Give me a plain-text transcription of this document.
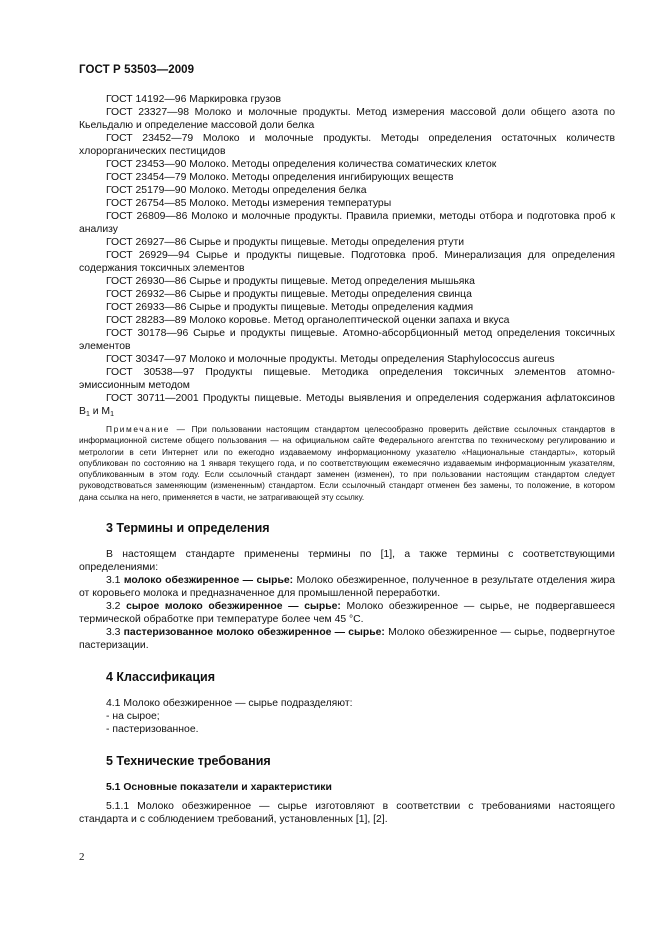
ГОСТ Р 53503—2009
ГОСТ 14192—96 Маркировка грузов
ГОСТ 23327—98 Молоко и молочные продукты. Метод измерения массовой доли общего азота по Кьельдалю и определение массовой доли белка
ГОСТ 23452—79 Молоко и молочные продукты. Методы определения остаточных количеств хлорорганических пестицидов
ГОСТ 23453—90 Молоко. Методы определения количества соматических клеток
ГОСТ 23454—79 Молоко. Методы определения ингибирующих веществ
ГОСТ 25179—90 Молоко. Методы определения белка
ГОСТ 26754—85 Молоко. Методы измерения температуры
ГОСТ 26809—86 Молоко и молочные продукты. Правила приемки, методы отбора и подготовка проб к анализу
ГОСТ 26927—86 Сырье и продукты пищевые. Методы определения ртути
ГОСТ 26929—94 Сырье и продукты пищевые. Подготовка проб. Минерализация для определения содержания токсичных элементов
ГОСТ 26930—86 Сырье и продукты пищевые. Метод определения мышьяка
ГОСТ 26932—86 Сырье и продукты пищевые. Методы определения свинца
ГОСТ 26933—86 Сырье и продукты пищевые. Методы определения кадмия
ГОСТ 28283—89 Молоко коровье. Метод органолептической оценки запаха и вкуса
ГОСТ 30178—96 Сырье и продукты пищевые. Атомно-абсорбционный метод определения токсичных элементов
ГОСТ 30347—97 Молоко и молочные продукты. Методы определения Staphylococcus aureus
ГОСТ 30538—97 Продукты пищевые. Методика определения токсичных элементов атомно-эмиссионным методом
ГОСТ 30711—2001 Продукты пищевые. Методы выявления и определения содержания афлатоксинов $B_1$ и $M_1$
Примечание — При пользовании настоящим стандартом целесообразно проверить действие ссылочных стандартов в информационной системе общего пользования — на официальном сайте Федерального агентства по техническому регулированию и метрологии в сети Интернет или по ежегодно издаваемому информационному указателю «Национальные стандарты», который опубликован по состоянию на 1 января текущего года, и по соответствующим ежемесячно издаваемым информационным указателям, опубликованным в этом году. Если ссылочный стандарт заменен (изменен), то при пользовании настоящим стандартом следует руководствоваться заменяющим (измененным) стандартом. Если ссылочный стандарт отменен без замены, то положение, в котором дана ссылка на него, применяется в части, не затрагивающей эту ссылку.
3 Термины и определения

В настоящем стандарте применены термины по [1], а также термины с соответствующими определениями:

3.1 молоко обезжиренное — сырье: Молоко обезжиренное, полученное в результате отделения жира от коровьего молока и предназначенное для промышленной переработки.

3.2 сырое молоко обезжиренное — сырье: Молоко обезжиренное — сырье, не подвергавшееся термической обработке при температуре более чем 45 °С.

3.3 пастеризованное молоко обезжиренное — сырье: Молоко обезжиренное — сырье, подвергнутое пастеризации.

4 Классификация

4.1 Молоко обезжиренное — сырье подразделяют:

- на сырое;

- пастеризованное.

5 Технические требования
5.1 Основные показатели и характеристики

5.1.1 Молоко обезжиренное — сырье изготовляют в соответствии с требованиями настоящего стандарта и с соблюдением требований, установленных [1], [2].

2
